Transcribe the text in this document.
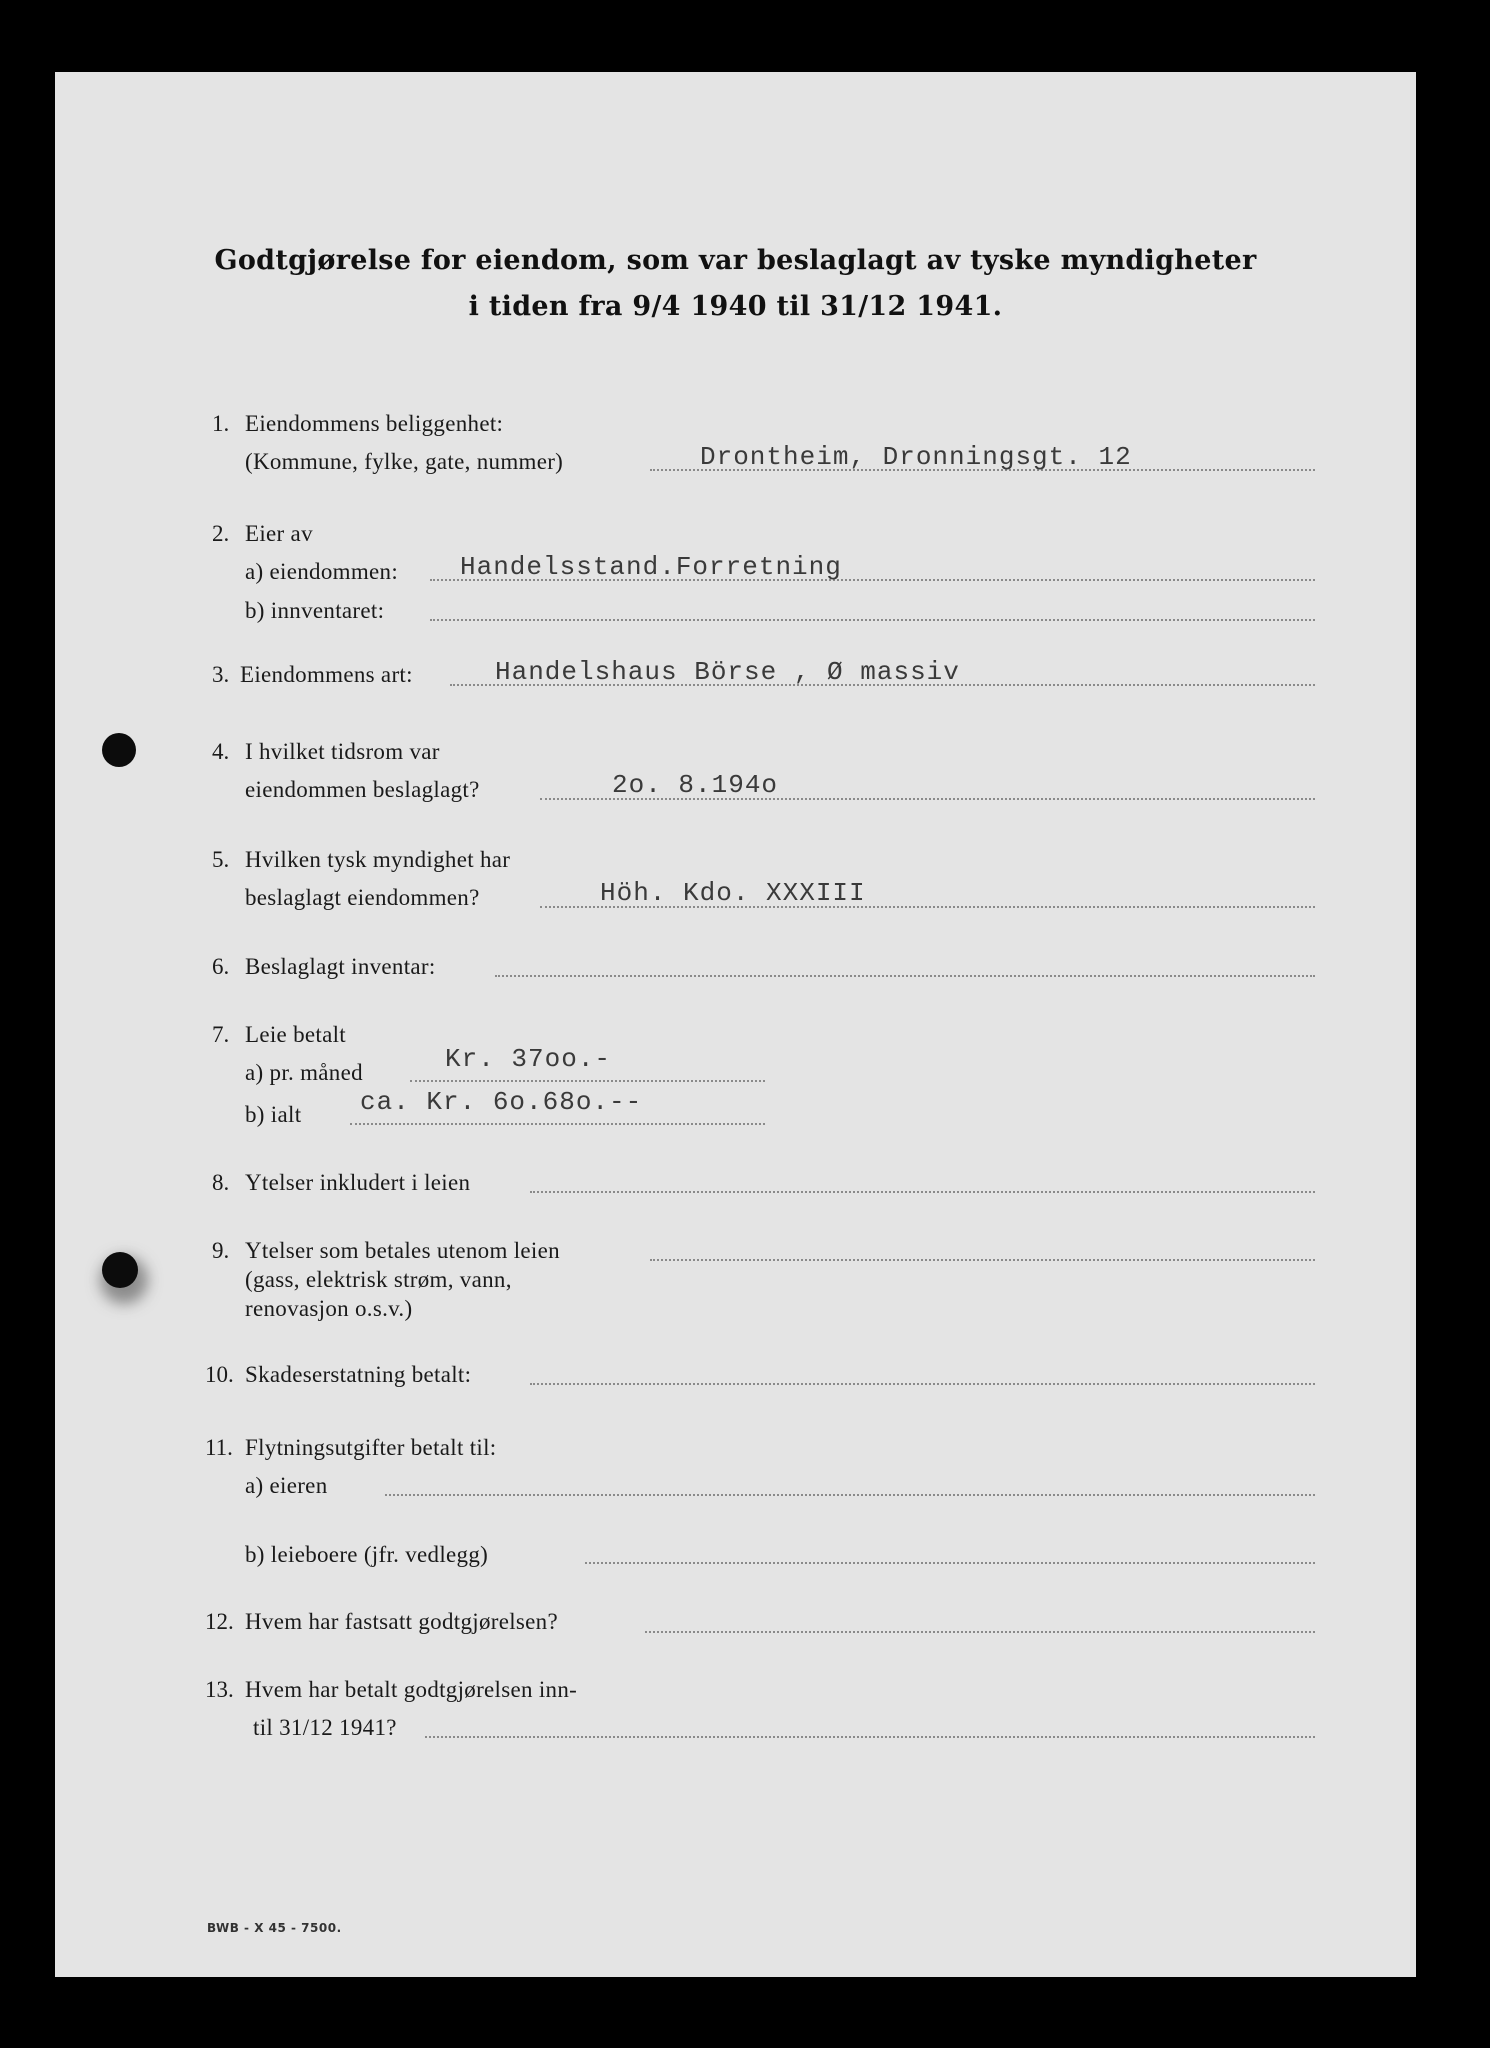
Godtgjørelse for eiendom, som var beslaglagt av tyske myndigheter
i tiden fra 9/4 1940 til 31/12 1941.
1. Eiendommens beliggenhet:
(Kommune, fylke, gate, nummer)	Drontheim, Dronningsgt. 12
2. Eier av
a) eiendommen: Handelsstand.Forretning
b) innventaret:
3. Eiendommens art:	Handelshaus Börse , Ø massiv
4. I hvilket tidsrom var
eiendommen beslaglagt?	2o. 8.194o
5. Hvilken tysk myndighet har
beslaglagt eiendommen?	Höh. Kdo. XXXIII
6. Beslaglagt inventar:
7. Leie betalt
a) pr. måned	Kr. 37oo.-
b) ialt ca. Kr. 6o.68o.--
8. Ytelser inkludert i leien
9. Ytelser som betales utenom leien
(gass, elektrisk strøm, vann,
renovasjon o.s.v.)
10. Skadeserstatning betalt:
11. Flytningsutgifter betalt til:
a) eieren
b) leieboere (jfr. vedlegg)
12. Hvem har fastsatt godtgjørelsen?
13. Hvem har betalt godtgjørelsen inn-
til 31/12 1941?
BWB - X 45 - 7500.
